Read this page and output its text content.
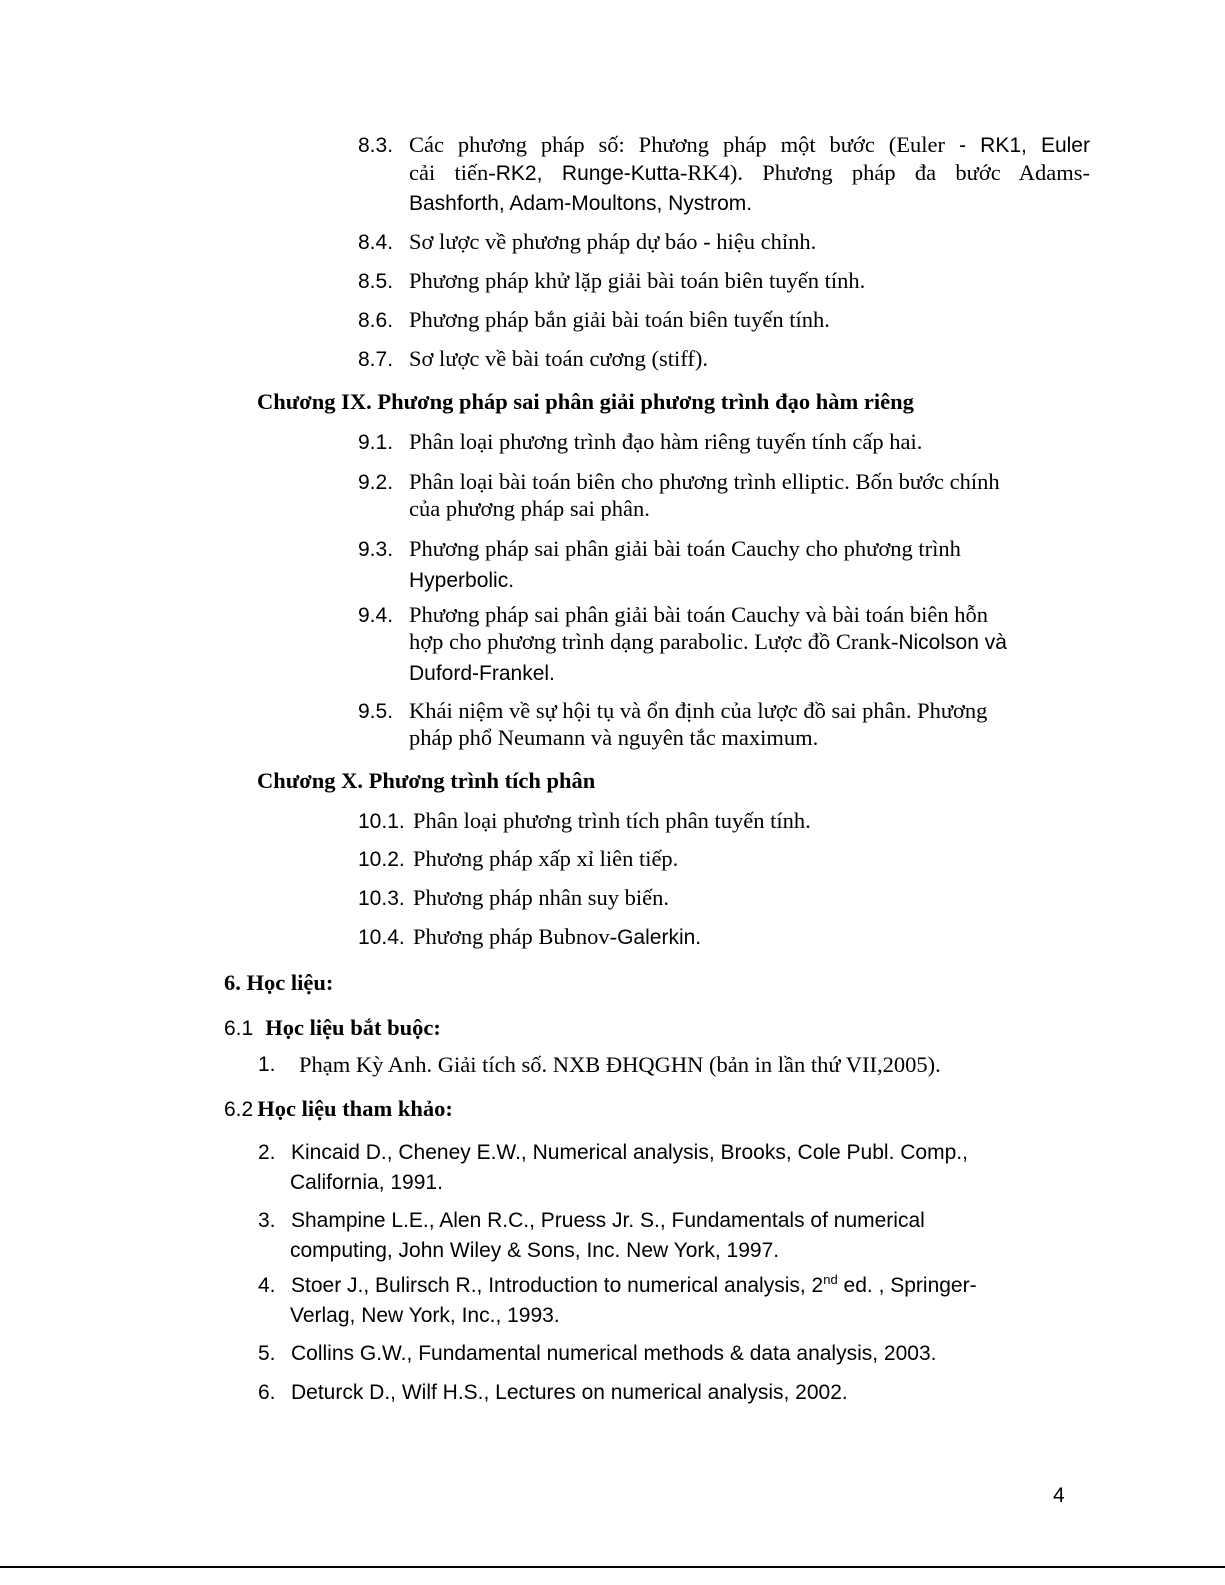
8.3. Các phương pháp số: Phương pháp một bước (Euler - RK1, Euler
cải tiến-RK2, Runge-Kutta-RK4). Phương pháp đa bước Adams-
Bashforth, Adam-Moultons, Nystrom.
8.4. Sơ lược về phương pháp dự báo - hiệu chỉnh.
8.5. Phương pháp khử lặp giải bài toán biên tuyến tính.
8.6. Phương pháp bắn giải bài toán biên tuyến tính.
8.7. Sơ lược về bài toán cương (stiff).
Chương IX. Phương pháp sai phân giải phương trình đạo hàm riêng
9.1. Phân loại phương trình đạo hàm riêng tuyến tính cấp hai.
9.2. Phân loại bài toán biên cho phương trình elliptic. Bốn bước chính
của phương pháp sai phân.
9.3. Phương pháp sai phân giải bài toán Cauchy cho phương trình
Hyperbolic.
9.4. Phương pháp sai phân giải bài toán Cauchy và bài toán biên hỗn
hợp cho phương trình dạng parabolic. Lược đồ Crank-Nicolson và
Duford-Frankel.
9.5. Khái niệm về sự hội tụ và ổn định của lược đồ sai phân. Phương
pháp phổ Neumann và nguyên tắc maximum.
Chương X. Phương trình tích phân
10.1. Phân loại phương trình tích phân tuyến tính.
10.2. Phương pháp xấp xỉ liên tiếp.
10.3. Phương pháp nhân suy biến.
10.4. Phương pháp Bubnov-Galerkin.
6. Học liệu:
6.1 Học liệu bắt buộc:
1. Phạm Kỳ Anh. Giải tích số. NXB ĐHQGHN (bản in lần thứ VII,2005).
6.2 Học liệu tham khảo:
2. Kincaid D., Cheney E.W., Numerical analysis, Brooks, Cole Publ. Comp.,
California, 1991.
3. Shampine L.E., Alen R.C., Pruess Jr. S., Fundamentals of numerical
computing, John Wiley & Sons, Inc. New York, 1997.
4. Stoer J., Bulirsch R., Introduction to numerical analysis, 2nd ed. , Springer-
Verlag, New York, Inc., 1993.
5. Collins G.W., Fundamental numerical methods & data analysis, 2003.
6. Deturck D., Wilf H.S., Lectures on numerical analysis, 2002.
4
